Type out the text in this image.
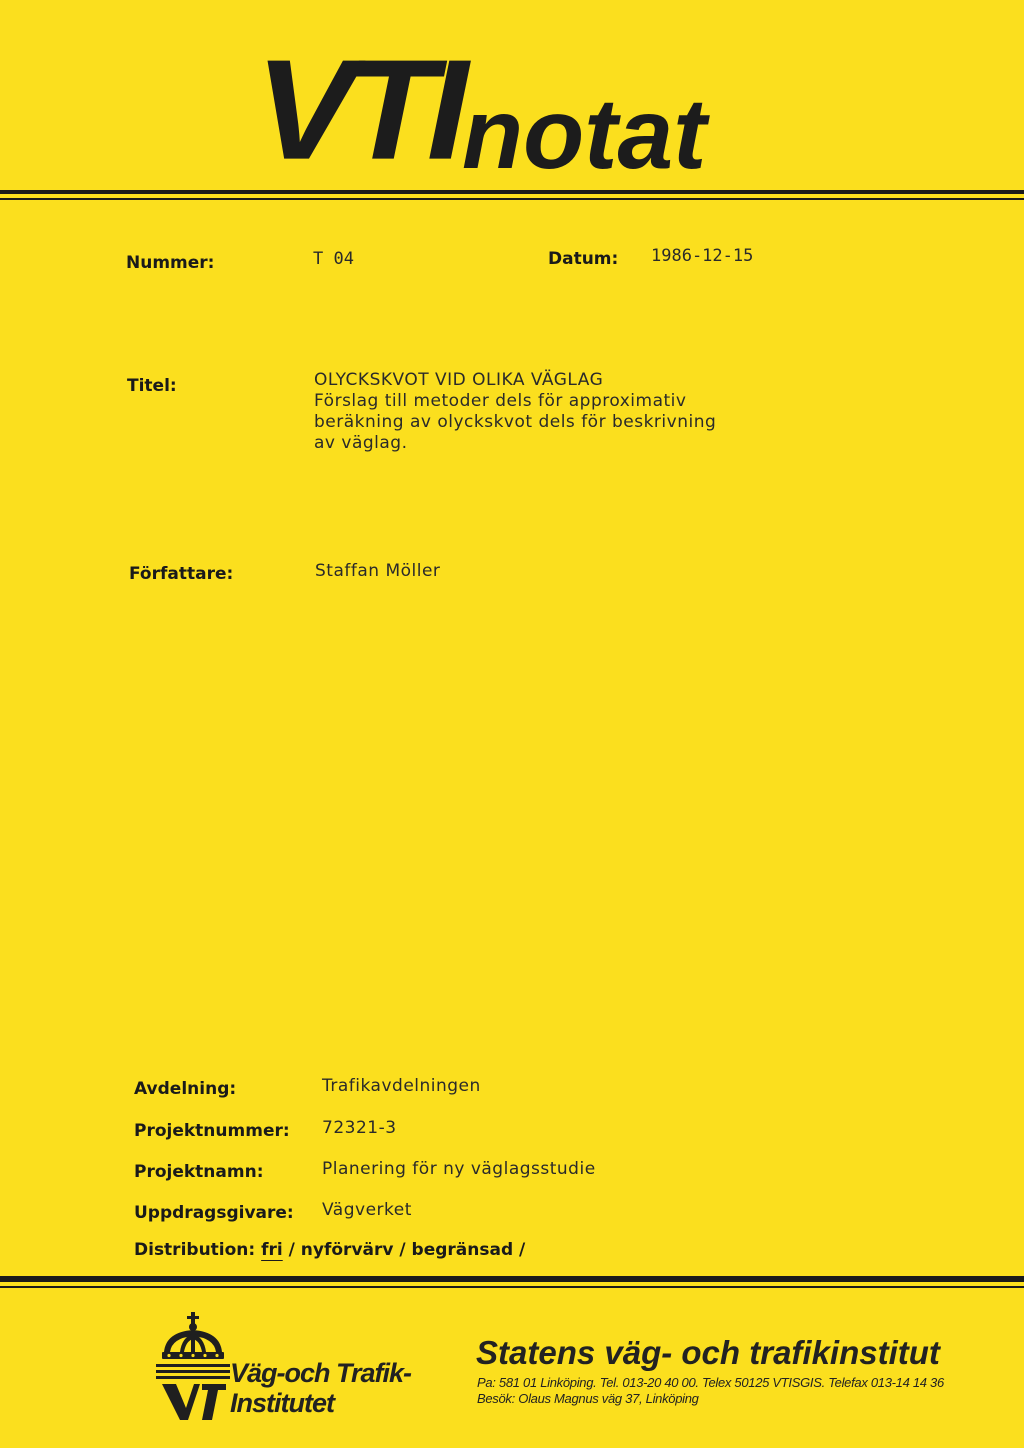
VTI notat
Nummer:	T 04	Datum: 1986-12-15
Titel:	OLYCKSKVOT VID OLIKA VÄGLAG
Förslag till metoder dels för approximativ
beräkning av olyckskvot dels för beskrivning
av väglag.
Författare:	Staffan Möller
Avdelning:	Trafikavdelningen
Projektnummer: 72321-3
Projektnamn:	Planering för ny väglagsstudie
Uppdragsgivare: Vägverket
Distribution: fri / nyförvärv / begränsad /
Väg-och Trafik-
Institutet
Statens väg- och trafikinstitut
Pa: 581 01 Linköping. Tel. 013-20 40 00. Telex 50125 VTISGIS. Telefax 013-14 14 36
Besök: Olaus Magnus väg 37, Linköping
